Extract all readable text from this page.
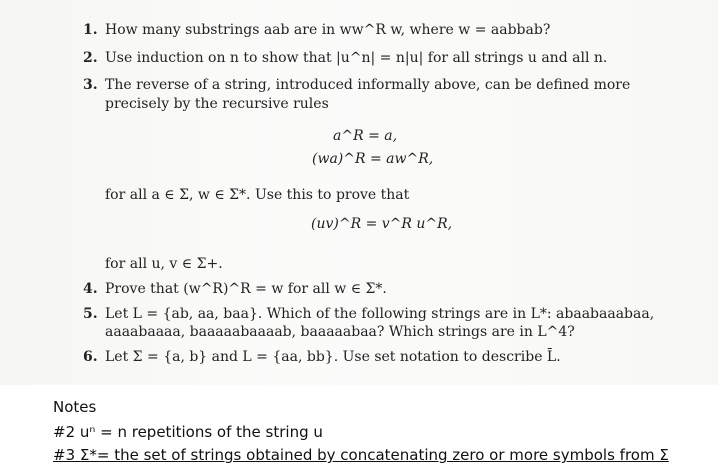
1. How many substrings aab are in ww^R w, where w = aabbab?
2. Use induction on n to show that |u^n| = n|u| for all strings u and all n.
3. The reverse of a string, introduced informally above, can be defined more
precisely by the recursive rules
a^R = a,
(wa)^R = aw^R,
for all a ∈ Σ, w ∈ Σ*. Use this to prove that
(uv)^R = v^R u^R,
for all u, v ∈ Σ+.
4. Prove that (w^R)^R = w for all w ∈ Σ*.
5. Let L = {ab, aa, baa}. Which of the following strings are in L*: abaabaaabaa,
aaaabaaaa, baaaaabaaaab, baaaaabaa? Which strings are in L^4?
6. Let Σ = {a, b} and L = {aa, bb}. Use set notation to describe L̄.
Notes
#2 uⁿ = n repetitions of the string u
#3 Σ*= the set of strings obtained by concatenating zero or more symbols from Σ
